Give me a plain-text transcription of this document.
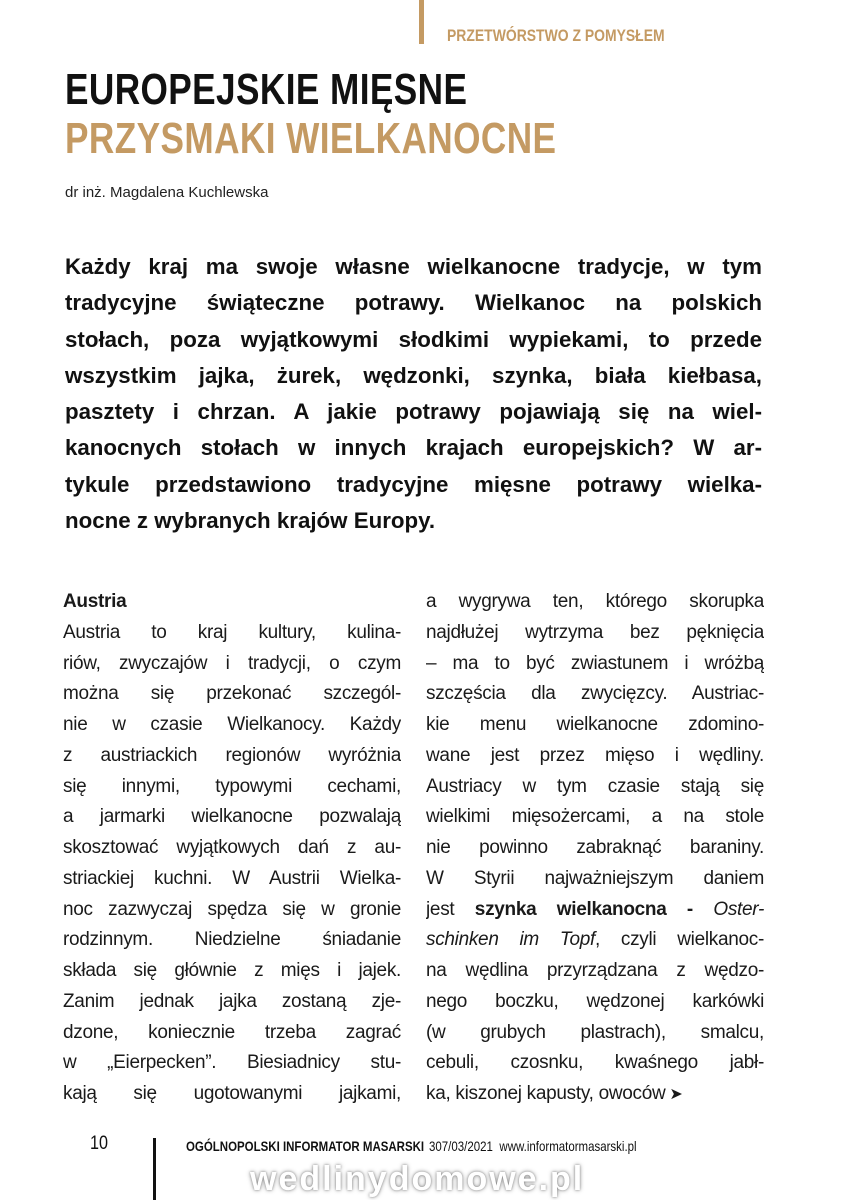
PRZETWÓRSTWO Z POMYSŁEM
EUROPEJSKIE MIĘSNE
PRZYSMAKI WIELKANOCNE
dr inż. Magdalena Kuchlewska
Każdy kraj ma swoje własne wielkanocne tradycje, w tym
tradycyjne świąteczne potrawy. Wielkanoc na polskich
stołach, poza wyjątkowymi słodkimi wypiekami, to przede
wszystkim jajka, żurek, wędzonki, szynka, biała kiełbasa,
pasztety i chrzan. A jakie potrawy pojawiają się na wiel-
kanocnych stołach w innych krajach europejskich? W ar-
tykule przedstawiono tradycyjne mięsne potrawy wielka-
nocne z wybranych krajów Europy.
Austria
Austria to kraj kultury, kulina-
riów, zwyczajów i tradycji, o czym
można się przekonać szczegól-
nie w czasie Wielkanocy. Każdy
z austriackich regionów wyróżnia
się innymi, typowymi cechami,
a jarmarki wielkanocne pozwalają
skosztować wyjątkowych dań z au-
striackiej kuchni. W Austrii Wielka-
noc zazwyczaj spędza się w gronie
rodzinnym. Niedzielne śniadanie
składa się głównie z mięs i jajek.
Zanim jednak jajka zostaną zje-
dzone, koniecznie trzeba zagrać
w „Eierpecken”. Biesiadnicy stu-
kają się ugotowanymi jajkami,
a wygrywa ten, którego skorupka
najdłużej wytrzyma bez pęknięcia
– ma to być zwiastunem i wróżbą
szczęścia dla zwycięzcy. Austriac-
kie menu wielkanocne zdomino-
wane jest przez mięso i wędliny.
Austriacy w tym czasie stają się
wielkimi mięsożercami, a na stole
nie powinno zabraknąć baraniny.
W Styrii najważniejszym daniem
jest szynka wielkanocna - Oster-
schinken im Topf, czyli wielkanoc-
na wędlina przyrządzana z wędzo-
nego boczku, wędzonej karkówki
(w grubych plastrach), smalcu,
cebuli, czosnku, kwaśnego jabł-
ka, kiszonej kapusty, owoców ➤
10	OGÓLNOPOLSKI INFORMATOR MASARSKI 307/03/2021 www.informatormasarski.pl
wedlinydomowe.pl
